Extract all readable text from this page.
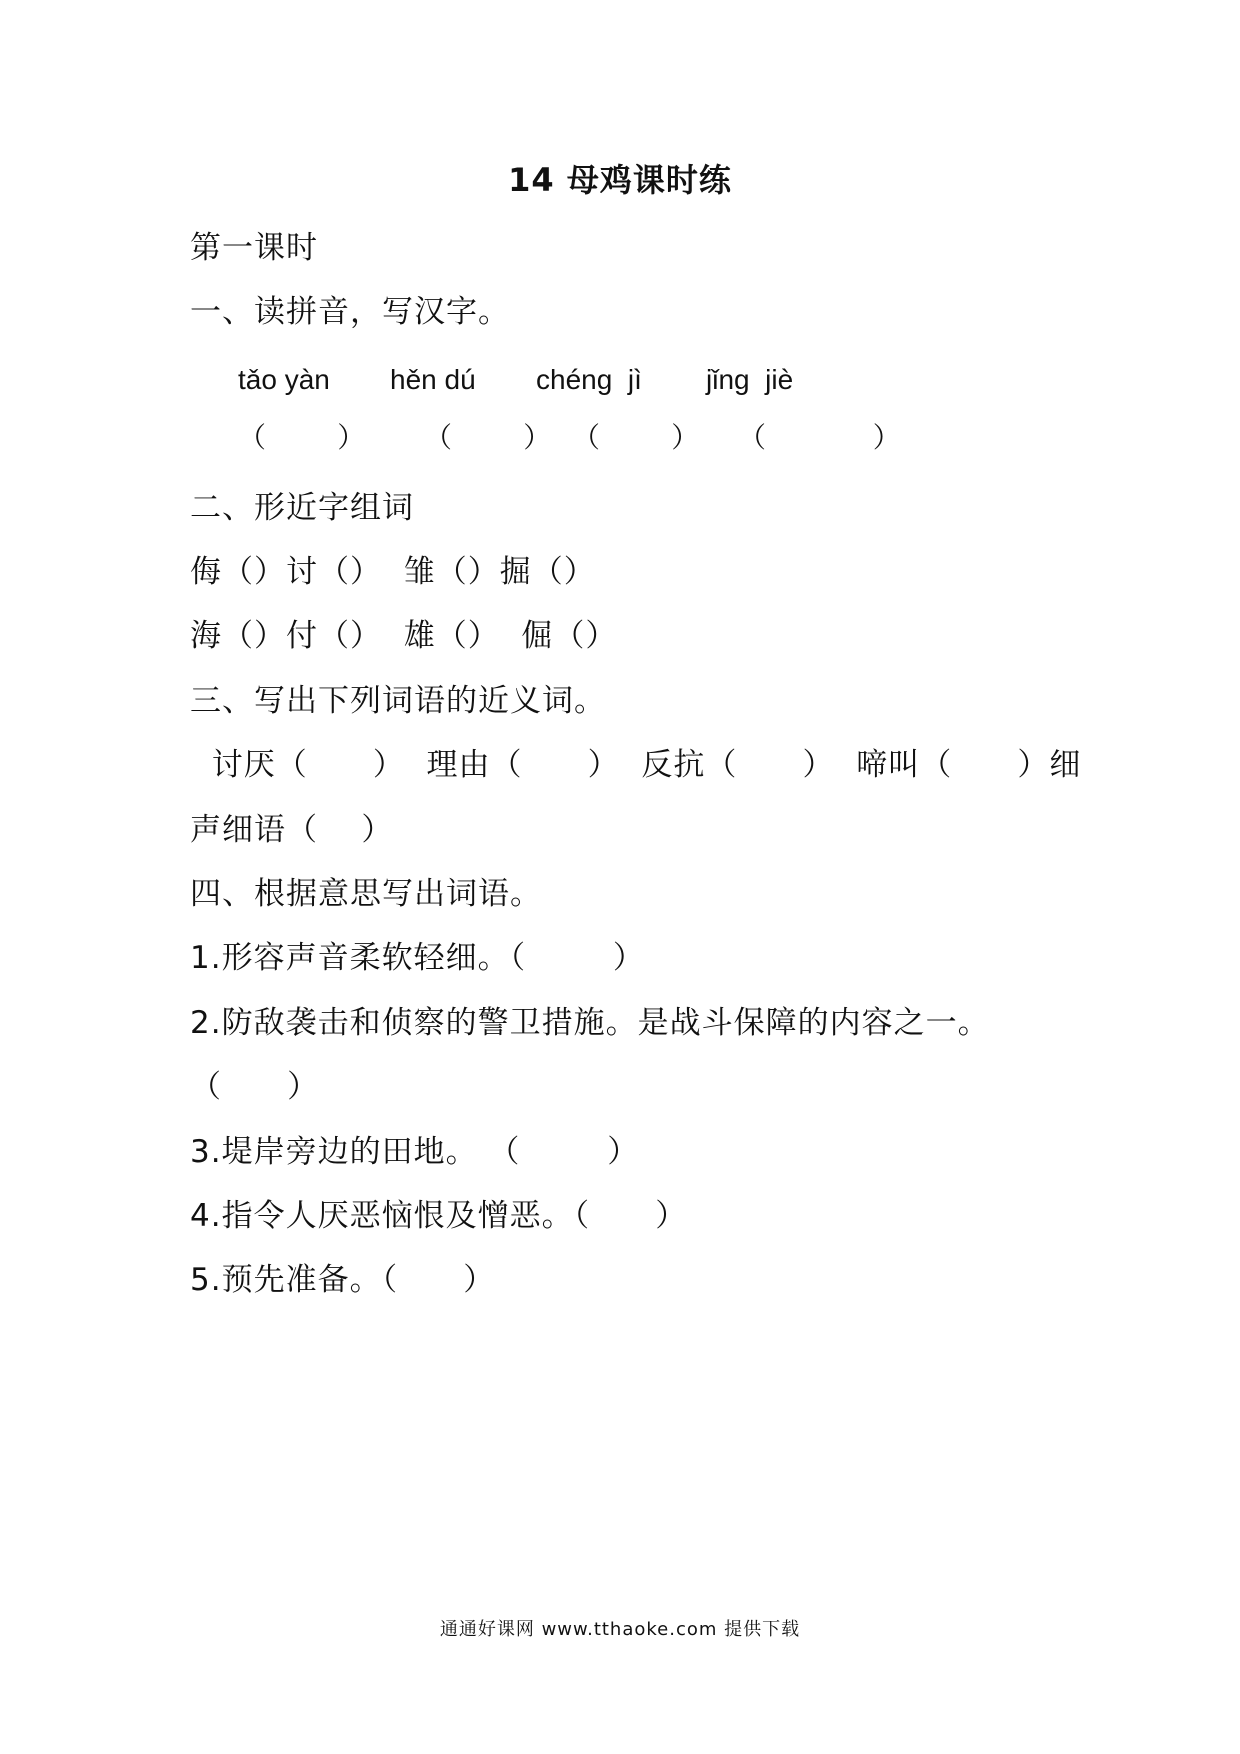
14 母鸡课时练
第一课时
一、读拼音，写汉字。
tǎo yàn hěn dú chéng  jì jǐng  jiè
（        ） （        ） （        ） （            ）
二、形近字组词
侮（）讨（）  雏（）掘（）
海（）付（）  雄（）  倔（）
三、写出下列词语的近义词。
讨厌（      ）  理由（      ）  反抗（      ）  啼叫（      ）细
声细语（    ）
四、根据意思写出词语。
1.形容声音柔软轻细。（        ）
2.防敌袭击和侦察的警卫措施。是战斗保障的内容之一。
（      ）
3.堤岸旁边的田地。 （        ）
4.指令人厌恶恼恨及憎恶。（      ）
5.预先准备。（      ）
通通好课网 www.tthaoke.com 提供下载
